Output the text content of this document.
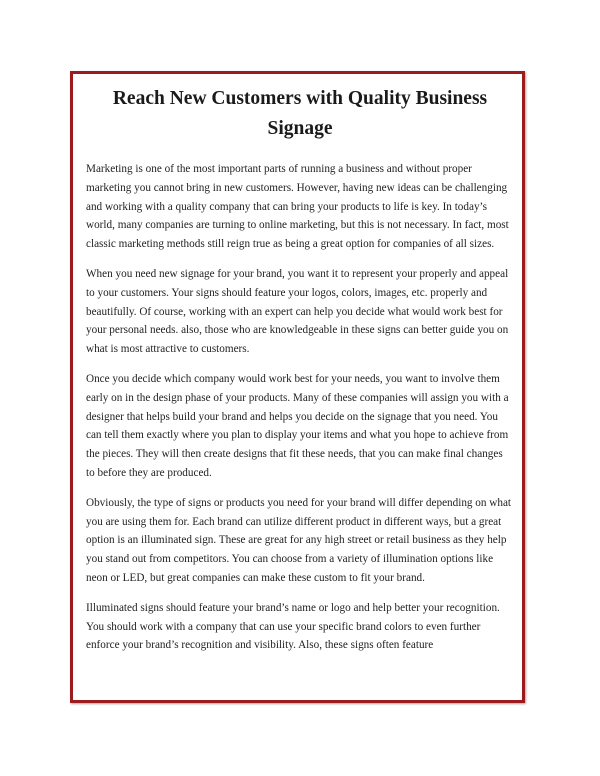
Reach New Customers with Quality Business Signage

Marketing is one of the most important parts of running a business and without proper marketing you cannot bring in new customers. However, having new ideas can be challenging and working with a quality company that can bring your products to life is key. In today’s world, many companies are turning to online marketing, but this is not necessary. In fact, most classic marketing methods still reign true as being a great option for companies of all sizes.

When you need new signage for your brand, you want it to represent your properly and appeal to your customers. Your signs should feature your logos, colors, images, etc. properly and beautifully. Of course, working with an expert can help you decide what would work best for your personal needs. also, those who are knowledgeable in these signs can better guide you on what is most attractive to customers.

Once you decide which company would work best for your needs, you want to involve them early on in the design phase of your products. Many of these companies will assign you with a designer that helps build your brand and helps you decide on the signage that you need. You can tell them exactly where you plan to display your items and what you hope to achieve from the pieces. They will then create designs that fit these needs, that you can make final changes to before they are produced.

Obviously, the type of signs or products you need for your brand will differ depending on what you are using them for. Each brand can utilize different product in different ways, but a great option is an illuminated sign. These are great for any high street or retail business as they help you stand out from competitors. You can choose from a variety of illumination options like neon or LED, but great companies can make these custom to fit your brand.

Illuminated signs should feature your brand’s name or logo and help better your recognition. You should work with a company that can use your specific brand colors to even further enforce your brand’s recognition and visibility. Also, these signs often feature
